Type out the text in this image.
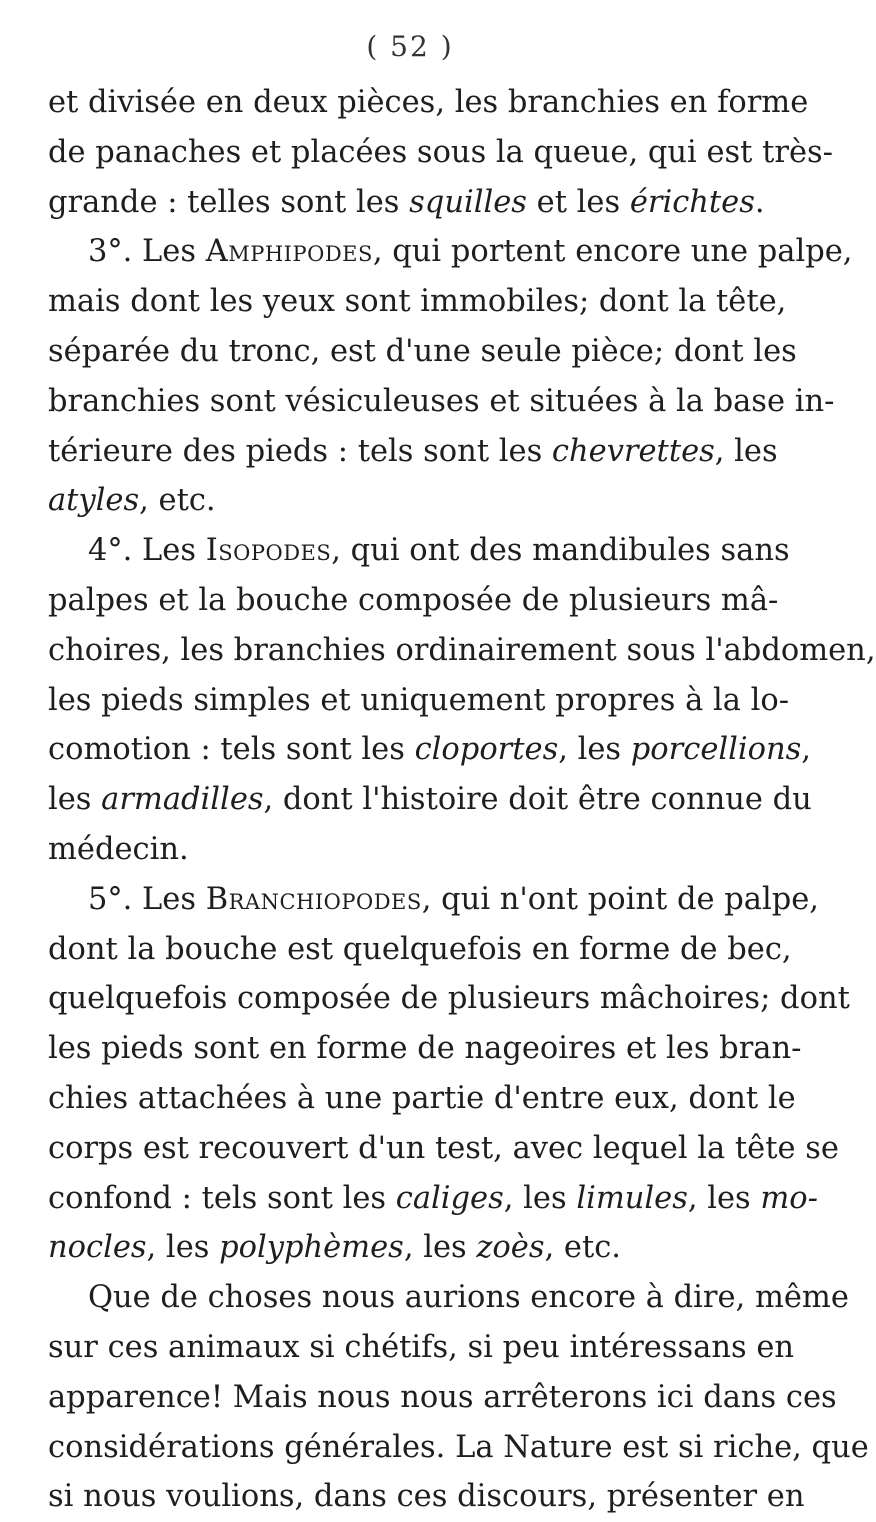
( 52 )
et divisée en deux pièces, les branchies en forme
de panaches et placées sous la queue, qui est très-
grande : telles sont les squilles et les érichtes.
3°. Les Amphipodes, qui portent encore une palpe,
mais dont les yeux sont immobiles; dont la tête,
séparée du tronc, est d'une seule pièce; dont les
branchies sont vésiculeuses et situées à la base in-
térieure des pieds : tels sont les chevrettes, les
atyles, etc.
4°. Les Isopodes, qui ont des mandibules sans
palpes et la bouche composée de plusieurs mâ-
choires, les branchies ordinairement sous l'abdomen,
les pieds simples et uniquement propres à la lo-
comotion : tels sont les cloportes, les porcellions,
les armadilles, dont l'histoire doit être connue du
médecin.
5°. Les Branchiopodes, qui n'ont point de palpe,
dont la bouche est quelquefois en forme de bec,
quelquefois composée de plusieurs mâchoires; dont
les pieds sont en forme de nageoires et les bran-
chies attachées à une partie d'entre eux, dont le
corps est recouvert d'un test, avec lequel la tête se
confond : tels sont les caliges, les limules, les mo-
nocles, les polyphèmes, les zoès, etc.
Que de choses nous aurions encore à dire, même
sur ces animaux si chétifs, si peu intéressans en
apparence! Mais nous nous arrêterons ici dans ces
considérations générales. La Nature est si riche, que
si nous voulions, dans ces discours, présenter en
